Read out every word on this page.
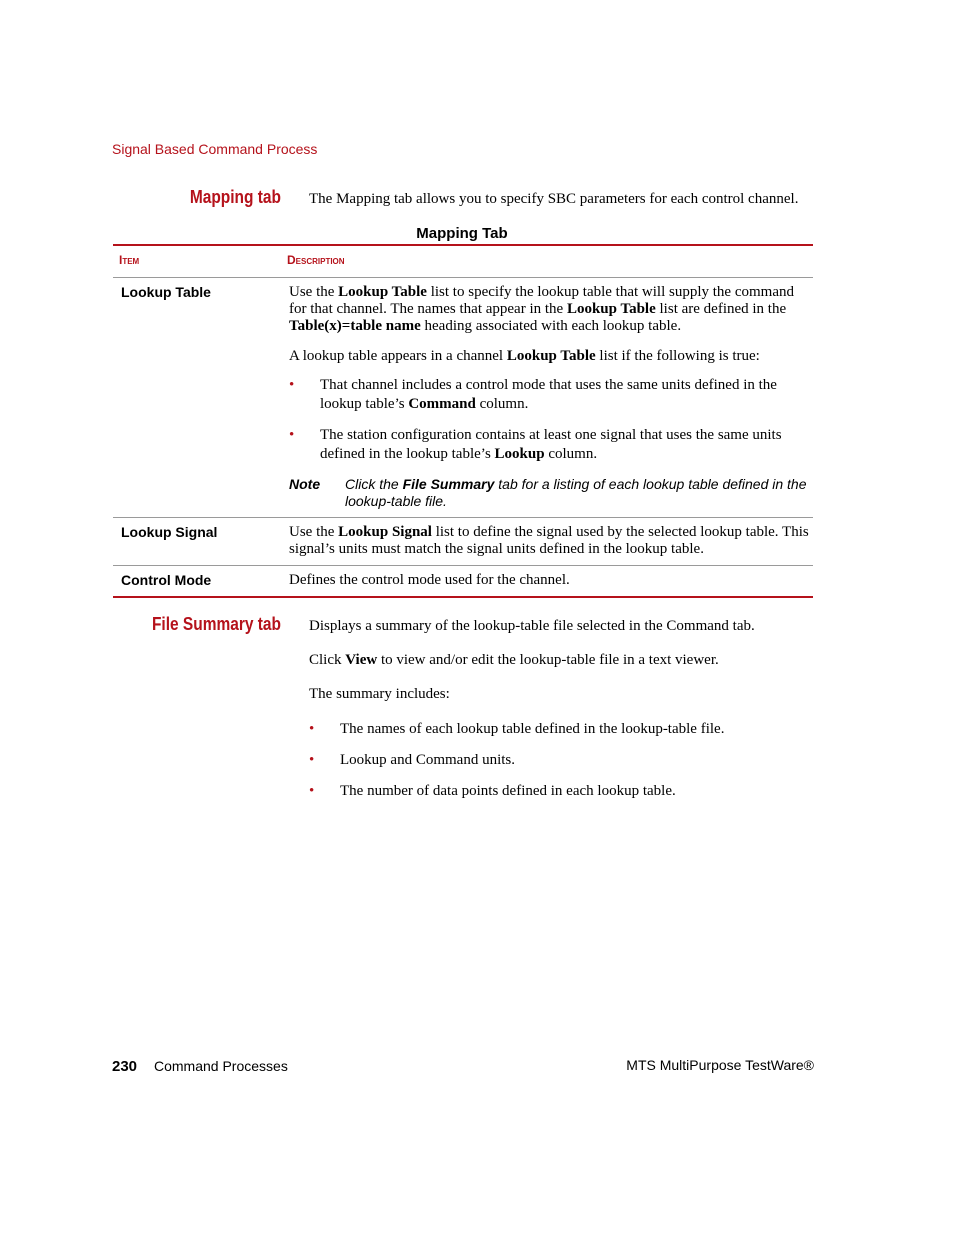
Signal Based Command Process
Mapping tab The Mapping tab allows you to specify SBC parameters for each control channel.
Mapping Tab
Item	Description
Lookup Table	Use the Lookup Table list to specify the lookup table that will supply the command for that channel. The names that appear in the Lookup Table list are defined in the Table(x)=table name heading associated with each lookup table.
A lookup table appears in a channel Lookup Table list if the following is true:
• That channel includes a control mode that uses the same units defined in the lookup table’s Command column.
• The station configuration contains at least one signal that uses the same units defined in the lookup table’s Lookup column.
Note Click the File Summary tab for a listing of each lookup table defined in the lookup-table file.
Lookup Signal	Use the Lookup Signal list to define the signal used by the selected lookup table. This signal’s units must match the signal units defined in the lookup table.
Control Mode	Defines the control mode used for the channel.
File Summary tab Displays a summary of the lookup-table file selected in the Command tab.
Click View to view and/or edit the lookup-table file in a text viewer.
The summary includes:
• The names of each lookup table defined in the lookup-table file.
• Lookup and Command units.
• The number of data points defined in each lookup table.
230 Command Processes	MTS MultiPurpose TestWare®
